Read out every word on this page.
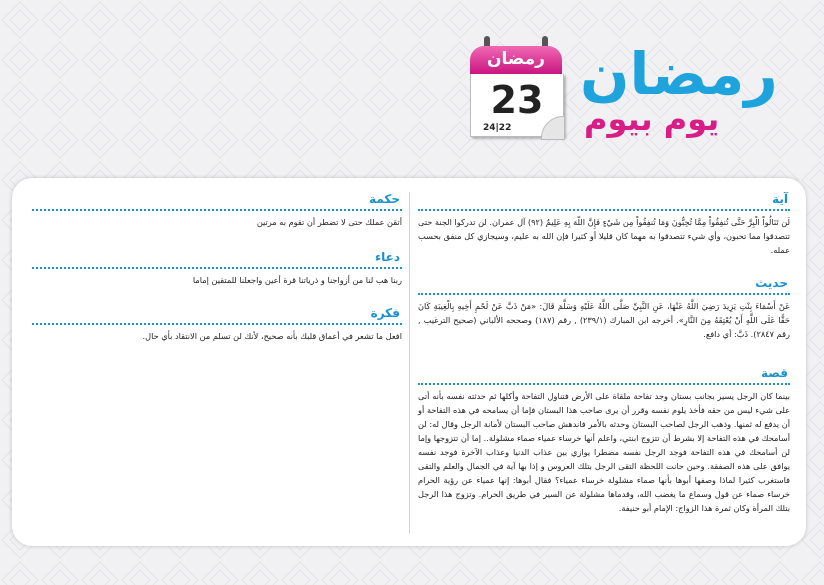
رمضان
23
24|22
رمضان
يوم بيوم
آية

لَن تَنَالُواْ الْبِرَّ حَتَّى تُنفِقُواْ مِمَّا تُحِبُّونَ وَمَا تُنفِقُواْ مِن شَيْءٍ فَإِنَّ اللّهَ بِهِ عَلِيمٌ (٩٢) آل عمران. لن تدركوا الجنة حتى تتصدقوا مما تحبون، وأي شيء تتصدقوا به مهما كان قليلا أو كثيرا فإن الله به عليم، وسيجازي كل منفق بحسب عمله.

حديث

عَنْ أَسْمَاءَ بِنْتِ يَزِيدَ رَضِيَ اللَّهُ عَنْهَا، عَنِ النَّبِيِّ صَلَّى اللَّهُ عَلَيْهِ وَسَلَّمَ قَالَ: «مَنْ ذَبَّ عَنْ لَحْمِ أَخِيهِ بِالْغِيبَةِ كَانَ حَقًّا عَلَى اللَّهِ أَنْ يُعْتِقَهُ مِنَ النَّارِ». أخرجه ابن المبارك (٢٣٩/١) , رقم (١٨٧) وصححه الألباني (صحيح الترغيب , رقم ٢٨٤٧). ذَبَّ: أي دافع.

قصة

بينما كان الرجل يسير بجانب بستان وجد تفاحة ملقاة على الأرض فتناول التفاحة وأكلها ثم حدثته نفسه بأنه أتى على شيء ليس من حقه فأخذ يلوم نفسه وقرر أن يرى صاحب هذا البستان فإما أن يسامحه في هذه التفاحة أو أن يدفع له ثمنها. وذهب الرجل لصاحب البستان وحدثه بالأمر فاندهش صاحب البستان لأمانة الرجل وقال له: لن أسامحك في هذه التفاحة إلا بشرط أن تتزوج ابنتي، واعلم أنها خرساء عمياء صماء مشلولة.. إما أن تتزوجها وإما لن أسامحك في هذه التفاحة فوجد الرجل نفسه مضطرا يوازي بين عذاب الدنيا وعذاب الآخرة فوجد نفسه يوافق على هذه الصفقة. وحين حانت اللحظة التقى الرجل بتلك العروس و إذا بها آية في الجمال والعلم والتقى فاستغرب كثيرا لماذا وصفها أبوها بأنها صماء مشلولة خرساء عمياء؟ فقال أبوها: إنها عمياء عن رؤية الحرام خرساء صماء عن قول وسماع ما يغضب الله، وقدماها مشلولة عن السير في طريق الحرام. وتزوج هذا الرجل بتلك المرأة وكان ثمرة هذا الزواج: الإمام أبو حنيفة.

حكمة

أتقن عملك حتى لا تضطر أن تقوم به مرتين

دعاء

ربنا هب لنا من أزواجنا و ذرياتنا قرة أعين واجعلنا للمتقين إماما

فكرة

افعل ما تشعر في أعماق قلبك بأنه صحيح، لأنك لن تسلم من الانتقاد بأي حال.
